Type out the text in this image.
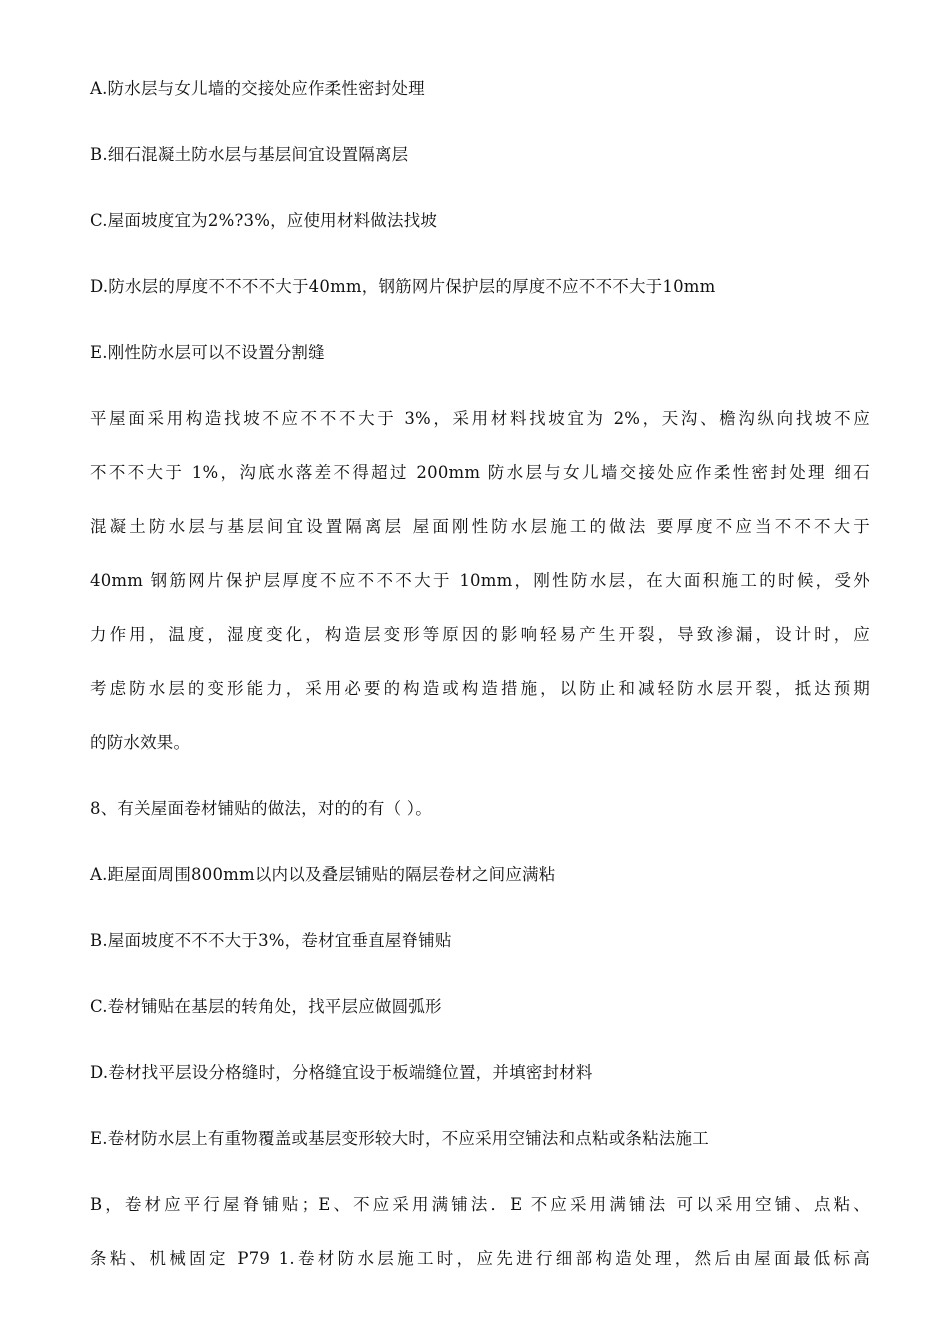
A.防水层与女儿墙的交接处应作柔性密封处理
B.细石混凝土防水层与基层间宜设置隔离层
C.屋面坡度宜为2%?3%，应使用材料做法找坡
D.防水层的厚度不不不不大于40mm，钢筋网片保护层的厚度不应不不不大于10mm
E.刚性防水层可以不设置分割缝
平屋面采用构造找坡不应不不不大于 3%，采用材料找坡宜为 2%，天沟、檐沟纵向找坡不应
不不不大于 1%，沟底水落差不得超过 200mm 防水层与女儿墙交接处应作柔性密封处理 细石
混凝土防水层与基层间宜设置隔离层 屋面刚性防水层施工的做法 要厚度不应当不不不大于
40mm 钢筋网片保护层厚度不应不不不大于 10mm，刚性防水层，在大面积施工的时候，受外
力作用，温度，湿度变化，构造层变形等原因的影响轻易产生开裂，导致渗漏，设计时，应
考虑防水层的变形能力，采用必要的构造或构造措施，以防止和减轻防水层开裂，抵达预期
的防水效果。
8、有关屋面卷材铺贴的做法，对的的有（ ）。
A.距屋面周围800mm以内以及叠层铺贴的隔层卷材之间应满粘
B.屋面坡度不不不大于3%，卷材宜垂直屋脊铺贴
C.卷材铺贴在基层的转角处，找平层应做圆弧形
D.卷材找平层设分格缝时，分格缝宜设于板端缝位置，并填密封材料
E.卷材防水层上有重物覆盖或基层变形较大时，不应采用空铺法和点粘或条粘法施工
B，卷材应平行屋脊铺贴；E、不应采用满铺法．E 不应采用满铺法 可以采用空铺、点粘、
条粘、机械固定 P79 1.卷材防水层施工时，应先进行细部构造处理，然后由屋面最低标高
